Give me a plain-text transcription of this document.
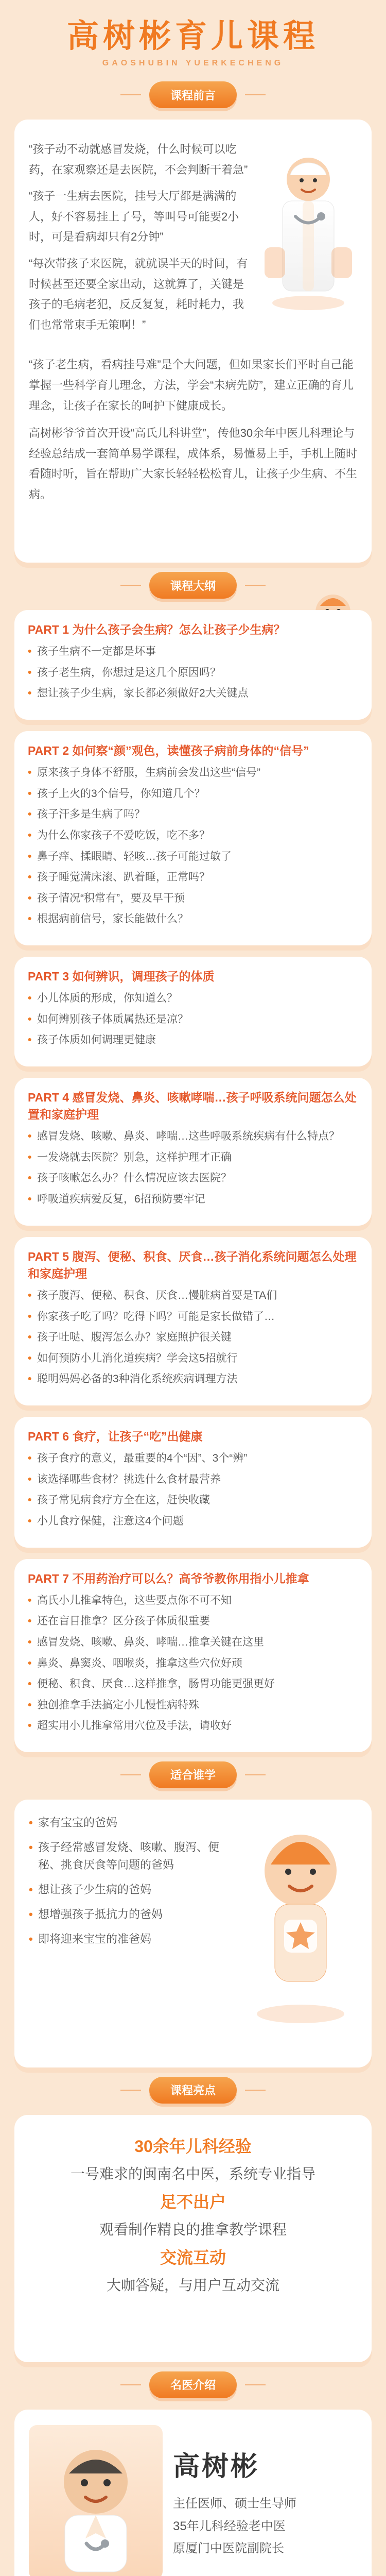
高树彬育儿课程
GAOSHUBIN YUERKECHENG
课程前言

“孩子动不动就感冒发烧，什么时候可以吃药，在家观察还是去医院，不会判断干着急”

“孩子一生病去医院，挂号大厅都是满满的人，好不容易挂上了号，等叫号可能要2小时，可是看病却只有2分钟”

“每次带孩子来医院，就就误半天的时间，有时候甚至还要全家出动，这就算了，关键是孩子的毛病老犯，反反复复，耗时耗力，我们也常常束手无策啊！”

“孩子老生病，看病挂号难”是个大问题，但如果家长们平时自己能掌握一些科学育儿理念，方法，学会“未病先防”，建立正确的育儿理念，让孩子在家长的呵护下健康成长。

高树彬爷爷首次开设“高氏儿科讲堂”，传他30余年中医儿科理论与经验总结成一套简单易学课程，成体系，易懂易上手，手机上随时看随时听，旨在帮助广大家长轻轻松松育儿，让孩子少生病、不生病。

课程大纲
PART 1 为什么孩子会生病？怎么让孩子少生病？
• 孩子生病不一定都是坏事
• 孩子老生病，你想过是这几个原因吗？
• 想让孩子少生病，家长都必须做好2大关键点
PART 2 如何察“颜”观色，读懂孩子病前身体的“信号”
• 原来孩子身体不舒服，生病前会发出这些“信号”
• 孩子上火的3个信号，你知道几个？
• 孩子汗多是生病了吗？
• 为什么你家孩子不爱吃饭，吃不多？
• 鼻子痒、揉眼睛、轻咳…孩子可能过敏了
• 孩子睡觉满床滚、趴着睡，正常吗？
• 孩子情况“积常有”，要及早干预
• 根据病前信号，家长能做什么？
PART 3 如何辨识，调理孩子的体质
• 小儿体质的形成，你知道么？
• 如何辨别孩子体质属热还是凉？
• 孩子体质如何调理更健康
PART 4 感冒发烧、鼻炎、咳嗽哮喘…孩子呼吸系统问题怎么处置和家庭护理
• 感冒发烧、咳嗽、鼻炎、哮喘…这些呼吸系统疾病有什么特点？
• 一发烧就去医院？别急，这样护理才正确
• 孩子咳嗽怎么办？什么情况应该去医院？
• 呼吸道疾病爱反复，6招预防要牢记
PART 5 腹泻、便秘、积食、厌食…孩子消化系统问题怎么处理和家庭护理
• 孩子腹泻、便秘、积食、厌食…慢脏病首要是TA们
• 你家孩子吃了吗？吃得下吗？可能是家长做错了…
• 孩子吐哒、腹泻怎么办？家庭照护很关键
• 如何预防小儿消化道疾病？学会这5招就行
• 聪明妈妈必备的3种消化系统疾病调理方法
PART 6 食疗，让孩子“吃”出健康
• 孩子食疗的意义，最重要的4个“因”、3个“辨”
• 该选择哪些食材？挑选什么食材最营养
• 孩子常见病食疗方全在这，赶快收藏
• 小儿食疗保健，注意这4个问题
PART 7 不用药治疗可以么？高爷爷教你用指小儿推拿
• 高氏小儿推拿特色，这些要点你不可不知
• 还在盲目推拿？区分孩子体质很重要
• 感冒发烧、咳嗽、鼻炎、哮喘…推拿关键在这里
• 鼻炎、鼻窦炎、咽喉炎，推拿这些穴位好顽
• 便秘、积食、厌食…这样推拿，肠胃功能更强更好
• 独创推拿手法搞定小儿慢性病特殊
• 超实用小儿推拿常用穴位及手法，请收好
适合谁学
• 家有宝宝的爸妈
• 孩子经常感冒发烧、咳嗽、腹泻、便秘、挑食厌食等问题的爸妈
• 想让孩子少生病的爸妈
• 想增强孩子抵抗力的爸妈
• 即将迎来宝宝的准爸妈
课程亮点
30余年儿科经验
一号难求的闽南名中医，系统专业指导
足不出户
观看制作精良的推拿教学课程
交流互动
大咖答疑，与用户互动交流
名医介绍

高树彬

主任医师、硕士生导师

35年儿科经验老中医

原厦门中医院副院长
